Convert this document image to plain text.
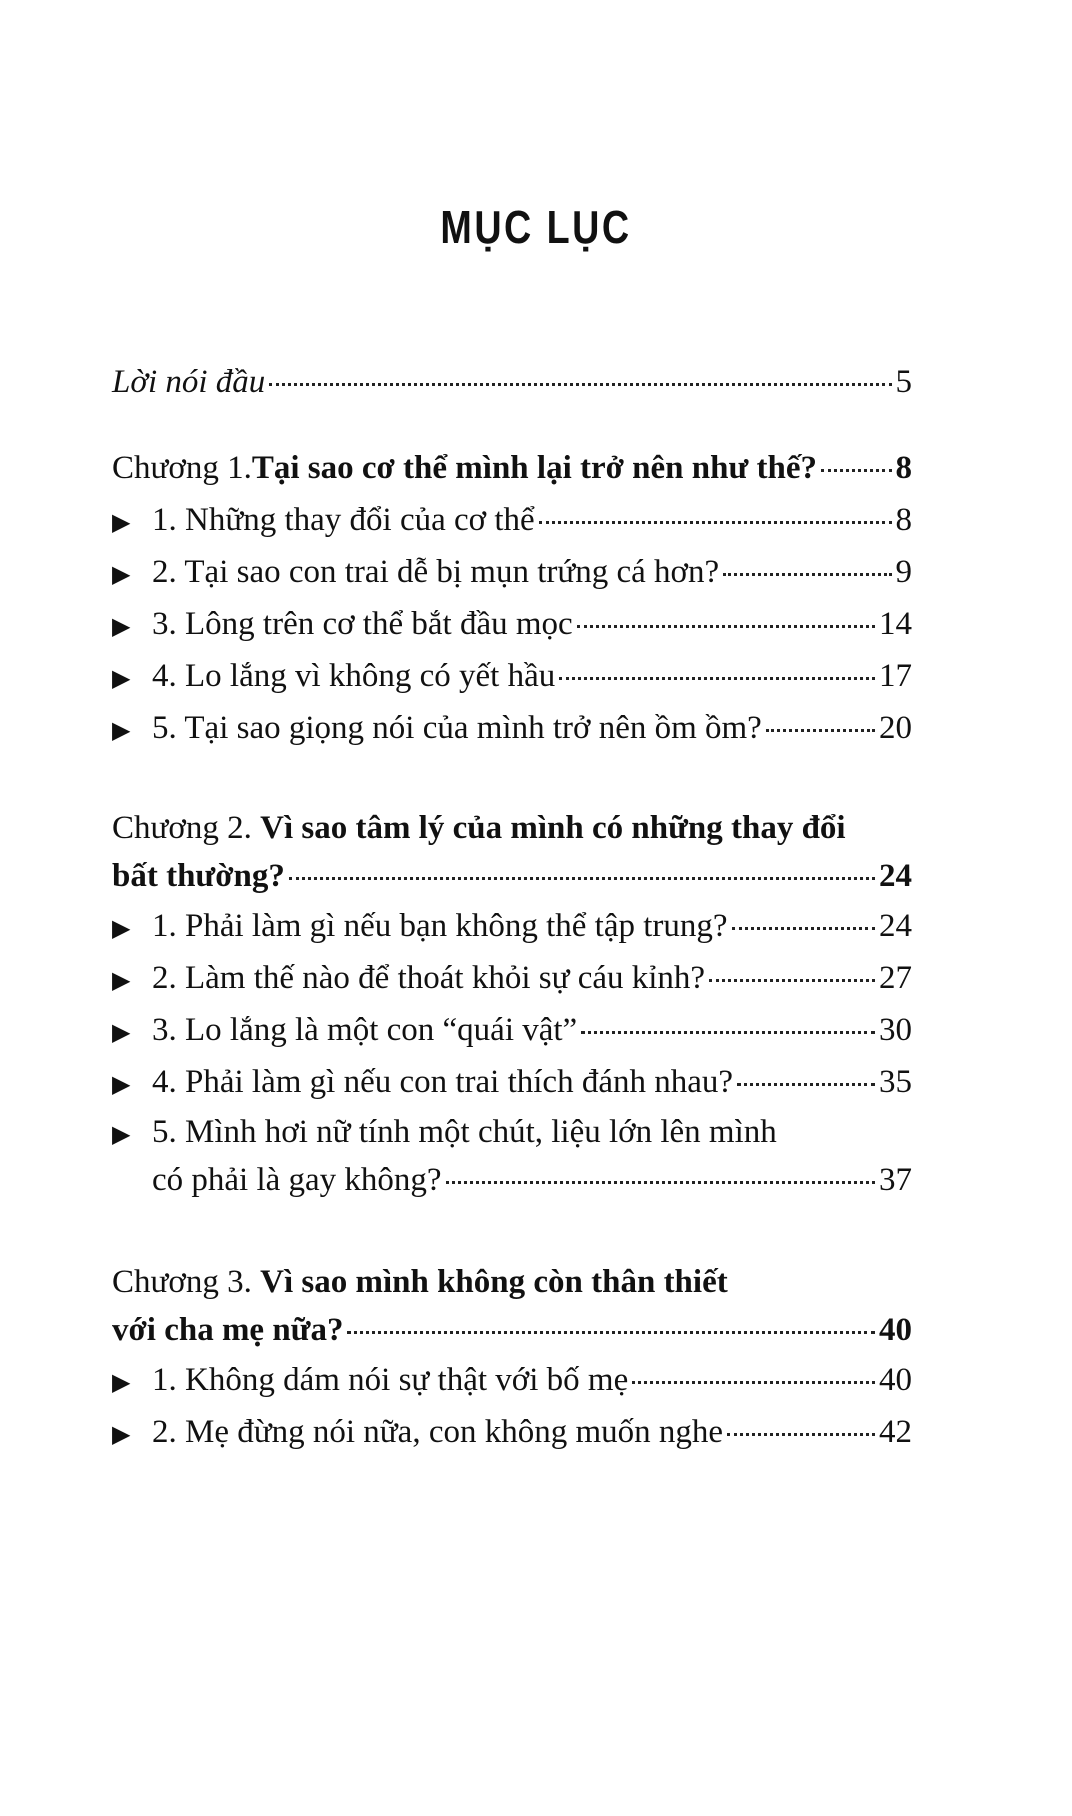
MỤC LỤC
Lời nói đầu	5
Chương 1. Tại sao cơ thể mình lại trở nên như thế? 8
▶ 1. Những thay đổi của cơ thể	8
▶ 2. Tại sao con trai dễ bị mụn trứng cá hơn?	9
▶ 3. Lông trên cơ thể bắt đầu mọc	14
▶ 4. Lo lắng vì không có yết hầu	17
▶ 5. Tại sao giọng nói của mình trở nên ồm ồm?	20
Chương 2. Vì sao tâm lý của mình có những thay đổi
bất thường?	24
▶ 1. Phải làm gì nếu bạn không thể tập trung?	24
▶ 2. Làm thế nào để thoát khỏi sự cáu kỉnh?	27
▶ 3. Lo lắng là một con “quái vật”	30
▶ 4. Phải làm gì nếu con trai thích đánh nhau?	35
▶ 5. Mình hơi nữ tính một chút, liệu lớn lên mình
có phải là gay không?	37
Chương 3. Vì sao mình không còn thân thiết
với cha mẹ nữa?	40
▶ 1. Không dám nói sự thật với bố mẹ	40
▶ 2. Mẹ đừng nói nữa, con không muốn nghe	42
